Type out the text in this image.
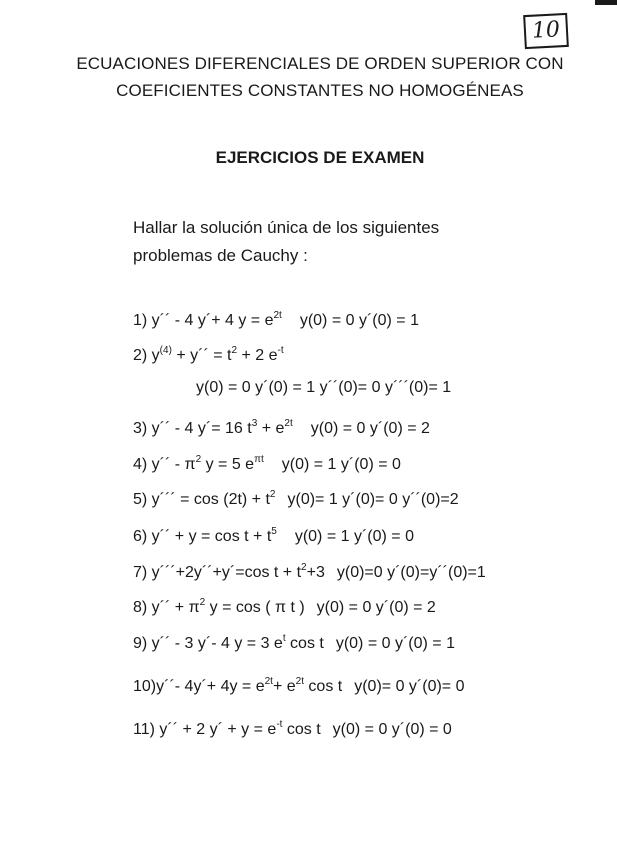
10
ECUACIONES DIFERENCIALES DE ORDEN SUPERIOR CON
COEFICIENTES CONSTANTES NO HOMOGÉNEAS
EJERCICIOS DE EXAMEN
Hallar la solución única de los siguientes
problemas de Cauchy :
1) y´´ - 4 y´+ 4 $y = e^{2t}$ y(0) = 0 y´(0) = 1
2) $y^{(4)}$ + y´´ = $t^2 + 2$ $e^{-t}$
y(0) = 0 y´(0) = 1 y´´(0)= 0 y´´´(0)= 1
3) y´´ - 4 y´= 16 $t^3 + e^{2t}$ y(0) = 0 y´(0) = 2
4) y´´ - $\pi^2$ y = 5 $e^{\pi t}$ y(0) = 1 y´(0) = 0
5) y´´´ = $\cos (2t) + t^2$ y(0)= 1 y´(0)= 0 y´´(0)=2
6) y´´ + $y = \cos t + t^5$ y(0) = 1 y´(0) = 0
7) y´´´+2y´´+y´=cos $t + t^2+3$ y(0)=0 y´(0)=y´´(0)=1
8) y´´ + $\pi^2$ y = cos ( π t ) y(0) = 0 y´(0) = 2
9) y´´ - 3 y´- 4 y = 3 $e^t$ cos t y(0) = 0 y´(0) = 1
10)y´´- 4y´+ $4y = e^{2t}+ e^{2t}$ cos t y(0)= 0 y´(0)= 0
11) y´´ + 2 y´ + $y = e^{-t}$ cos t y(0) = 0 y´(0) = 0
